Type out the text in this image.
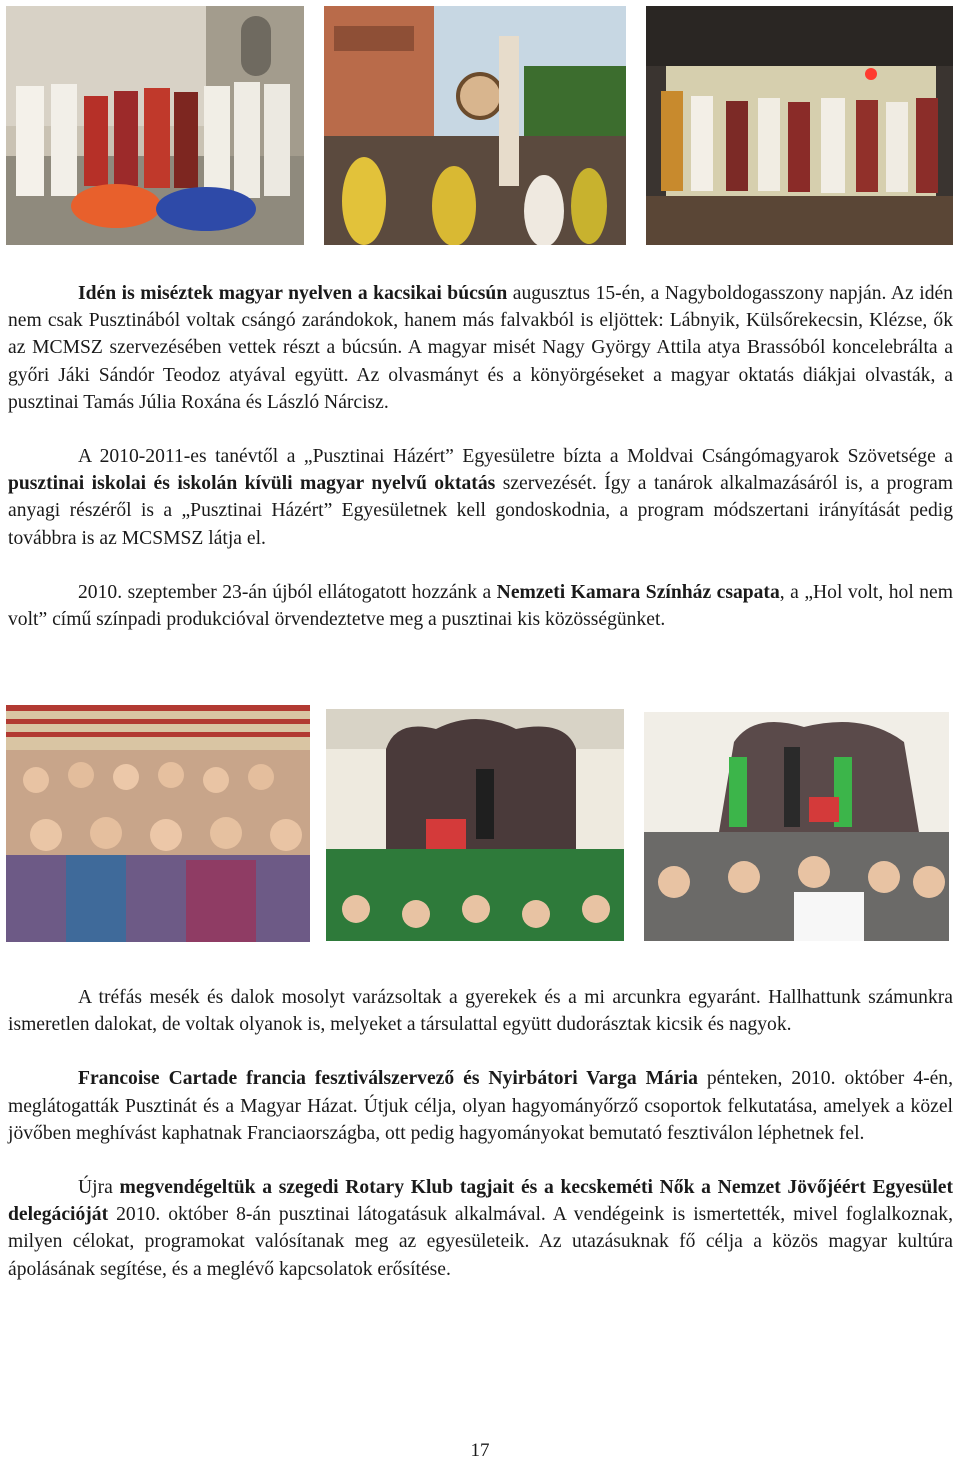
Idén is miséztek magyar nyelven a kacsikai búcsún augusztus 15-én, a Nagyboldogasszony napján. Az idén nem csak Pusztinából voltak csángó zarándokok, hanem más falvakból is eljöttek: Lábnyik, Külsőrekecsin, Klézse, ők az MCMSZ szervezésében vettek részt a búcsún. A magyar misét Nagy György Attila atya Brassóból koncelebrálta a győri Jáki Sándór Teodoz atyával együtt. Az olvasmányt és a könyörgéseket a magyar oktatás diákjai olvasták, a pusztinai Tamás Júlia Roxána és László Nárcisz.

A 2010-2011-es tanévtől a „Pusztinai Házért” Egyesületre bízta a Moldvai Csángómagyarok Szövetsége a pusztinai iskolai és iskolán kívüli magyar nyelvű oktatás szervezését. Így a tanárok alkalmazásáról is, a program anyagi részéről is a „Pusztinai Házért” Egyesületnek kell gondoskodnia, a program módszertani irányítását pedig továbbra is az MCSMSZ látja el.

2010. szeptember 23-án újból ellátogatott hozzánk a Nemzeti Kamara Színház csapata, a „Hol volt, hol nem volt” című színpadi produkcióval örvendeztetve meg a pusztinai kis közösségünket.

A tréfás mesék és dalok mosolyt varázsoltak a gyerekek és a mi arcunkra egyaránt. Hallhattunk számunkra ismeretlen dalokat, de voltak olyanok is, melyeket a társulattal együtt dudorásztak kicsik és nagyok.

Francoise Cartade francia fesztiválszervező és Nyirbátori Varga Mária pénteken, 2010. október 4-én, meglátogatták Pusztinát és a Magyar Házat. Útjuk célja, olyan hagyományőrző csoportok felkutatása, amelyek a közel jövőben meghívást kaphatnak Franciaországba, ott pedig hagyományokat bemutató fesztiválon léphetnek fel.

Újra megvendégeltük a szegedi Rotary Klub tagjait és a kecskeméti Nők a Nemzet Jövőjéért Egyesület delegációját 2010. október 8-án pusztinai látogatásuk alkalmával. A vendégeink is ismertették, mivel foglalkoznak, milyen célokat, programokat valósítanak meg az egyesületeik. Az utazásuknak fő célja a közös magyar kultúra ápolásának segítése, és a meglévő kapcsolatok erősítése.

17
